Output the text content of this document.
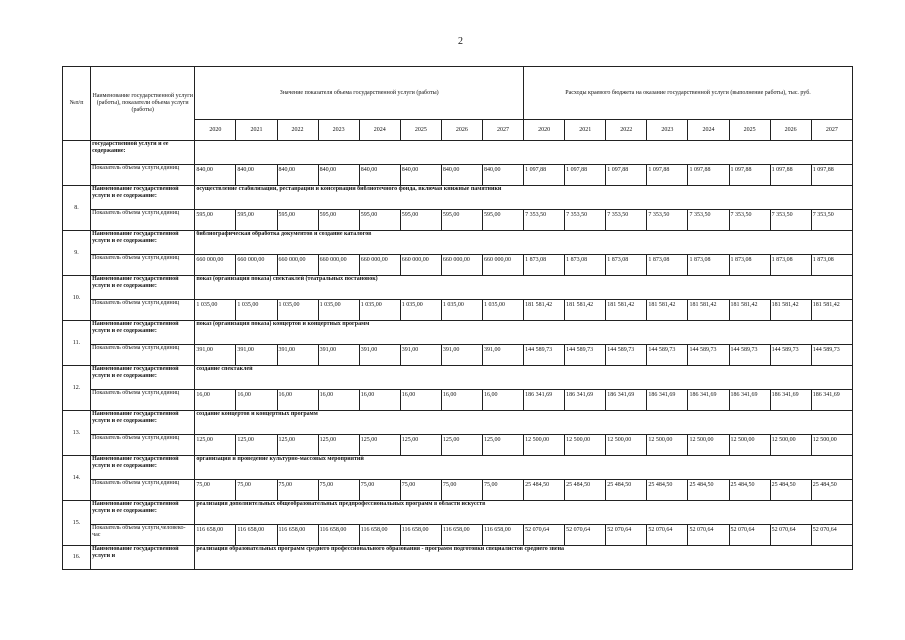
2
№п/п	Наименование государственной услуги (работы), показатели объема услуги (работы)	Значение показателя объема государственной услуги (работы)								Расходы краевого бюджета на оказание государственной услуги (выполнение работы), тыс. руб.							
		2020	2021	2022	2023	2024	2025	2026	2027	2020	2021	2022	2023	2024	2025	2026	2027
	государственной услуги и ее содержание:																
	Показатель объема услуги,единиц	840,00	840,00	840,00	840,00	840,00	840,00	840,00	840,00	1 097,88	1 097,88	1 097,88	1 097,88	1 097,88	1 097,88	1 097,88	1 097,88
8.	Наименование государственной услуги и ее содержание:	осуществление стабилизации, реставрации и консервации библиотечного фонда, включая книжные памятники															
	Показатель объема услуги,единиц	595,00	595,00	595,00	595,00	595,00	595,00	595,00	595,00	7 353,50	7 353,50	7 353,50	7 353,50	7 353,50	7 353,50	7 353,50	7 353,50
9.	Наименование государственной услуги и ее содержание:	библиографическая обработка документов и создание каталогов															
	Показатель объема услуги,единиц	660 000,00	660 000,00	660 000,00	660 000,00	660 000,00	660 000,00	660 000,00	660 000,00	1 873,08	1 873,08	1 873,08	1 873,08	1 873,08	1 873,08	1 873,08	1 873,08
10.	Наименование государственной услуги и ее содержание:	показ (организация показа) спектаклей (театральных постановок)															
	Показатель объема услуги,единиц	1 035,00	1 035,00	1 035,00	1 035,00	1 035,00	1 035,00	1 035,00	1 035,00	181 581,42	181 581,42	181 581,42	181 581,42	181 581,42	181 581,42	181 581,42	181 581,42
11.	Наименование государственной услуги и ее содержание:	показ (организация показа) концертов и концертных программ															
	Показатель объема услуги,единиц	391,00	391,00	391,00	391,00	391,00	391,00	391,00	391,00	144 589,73	144 589,73	144 589,73	144 589,73	144 589,73	144 589,73	144 589,73	144 589,73
12.	Наименование государственной услуги и ее содержание:	создание спектаклей															
	Показатель объема услуги,единиц	16,00	16,00	16,00	16,00	16,00	16,00	16,00	16,00	186 341,69	186 341,69	186 341,69	186 341,69	186 341,69	186 341,69	186 341,69	186 341,69
13.	Наименование государственной услуги и ее содержание:	создание концертов и концертных программ															
	Показатель объема услуги,единиц	125,00	125,00	125,00	125,00	125,00	125,00	125,00	125,00	12 500,00	12 500,00	12 500,00	12 500,00	12 500,00	12 500,00	12 500,00	12 500,00
14.	Наименование государственной услуги и ее содержание:	организация и проведение культурно-массовых мероприятий															
	Показатель объема услуги,единиц	75,00	75,00	75,00	75,00	75,00	75,00	75,00	75,00	25 484,50	25 484,50	25 484,50	25 484,50	25 484,50	25 484,50	25 484,50	25 484,50
15.	Наименование государственной услуги и ее содержание:	реализация дополнительных общеобразовательных предпрофессиональных программ в области искусств															
	Показатель объема услуги,человеко-час	116 658,00	116 658,00	116 658,00	116 658,00	116 658,00	116 658,00	116 658,00	116 658,00	52 070,64	52 070,64	52 070,64	52 070,64	52 070,64	52 070,64	52 070,64	52 070,64
16.	Наименование государственной услуги и	реализация образовательных программ среднего профессионального образования - программ подготовки специалистов среднего звена															
